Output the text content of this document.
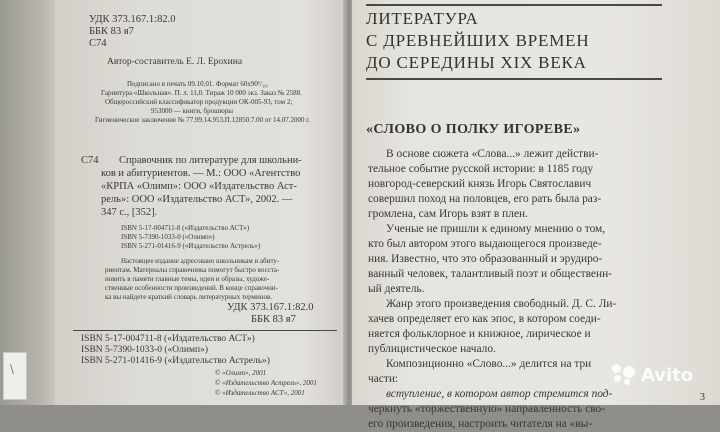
\

УДК 373.167.1:82.0

ББК 83 я7

С74

Автор-составитель Е. Л. Ерохина

Подписано в печать 09.10.01. Формат 60х90¹/₁₆.

Гарнитура «Школьная». П. л. 11,0. Тираж 10 000 экз. Заказ № 2588.

Общероссийский классификатор продукции ОК-005-93, том 2;

953000 — книги, брошюры

Гигиеническое заключение № 77.99.14.953.П.12850.7.00 от 14.07.2000 г.

С74 Справочник по литературе для школьни-

ков и абитуриентов. — М.: ООО «Агентство

«КРПА «Олимп»: ООО «Издательство Аст-

рель»: ООО «Издательство АСТ», 2002. —

347 с., [352].

ISBN 5-17-004711-8 («Издательство АСТ»)

ISBN 5-7390-1033-0 («Олимп»)

ISBN 5-271-01416-9 («Издательство Астрель»)

Настоящее издание адресовано школьникам и абиту-

риентам. Материалы справочника помогут быстро восста-

новить в памяти главные темы, идеи и образы, художе-

ственные особенности произведений. В конце справочни-

ка вы найдете краткий словарь литературных терминов.

УДК 373.167.1:82.0

ББК 83 я7

ISBN 5-17-004711-8 («Издательство АСТ»)

ISBN 5-7390-1033-0 («Олимп»)

ISBN 5-271-01416-9 («Издательство Астрель»)

© «Олимп», 2001

© «Издательство Астрель», 2001

© «Издательство АСТ», 2001

ЛИТЕРАТУРА

С ДРЕВНЕЙШИХ ВРЕМЕН

ДО СЕРЕДИНЫ XIX ВЕКА

«СЛОВО О ПОЛКУ ИГОРЕВЕ»

В основе сюжета «Слова...» лежит действи-

тельное событие русской истории: в 1185 году

новгород-северский князь Игорь Святославич

совершил поход на половцев, его рать была раз-

громлена, сам Игорь взят в плен.

Ученые не пришли к единому мнению о том,

кто был автором этого выдающегося произведе-

ния. Известно, что это образованный и эрудиро-

ванный человек, талантливый поэт и общественн-

ый деятель.

Жанр этого произведения свободный. Д. С. Ли-

хачев определяет его как эпос, в котором соеди-

няется фольклорное и книжное, лирическое и

публицистическое начало.

Композиционно «Слово...» делится на три

части:

вступление, в котором автор стремится под-

черкнуть «торжественную» направленность сво-

его произведения, настроить читателя на «вы-

3

Avito
